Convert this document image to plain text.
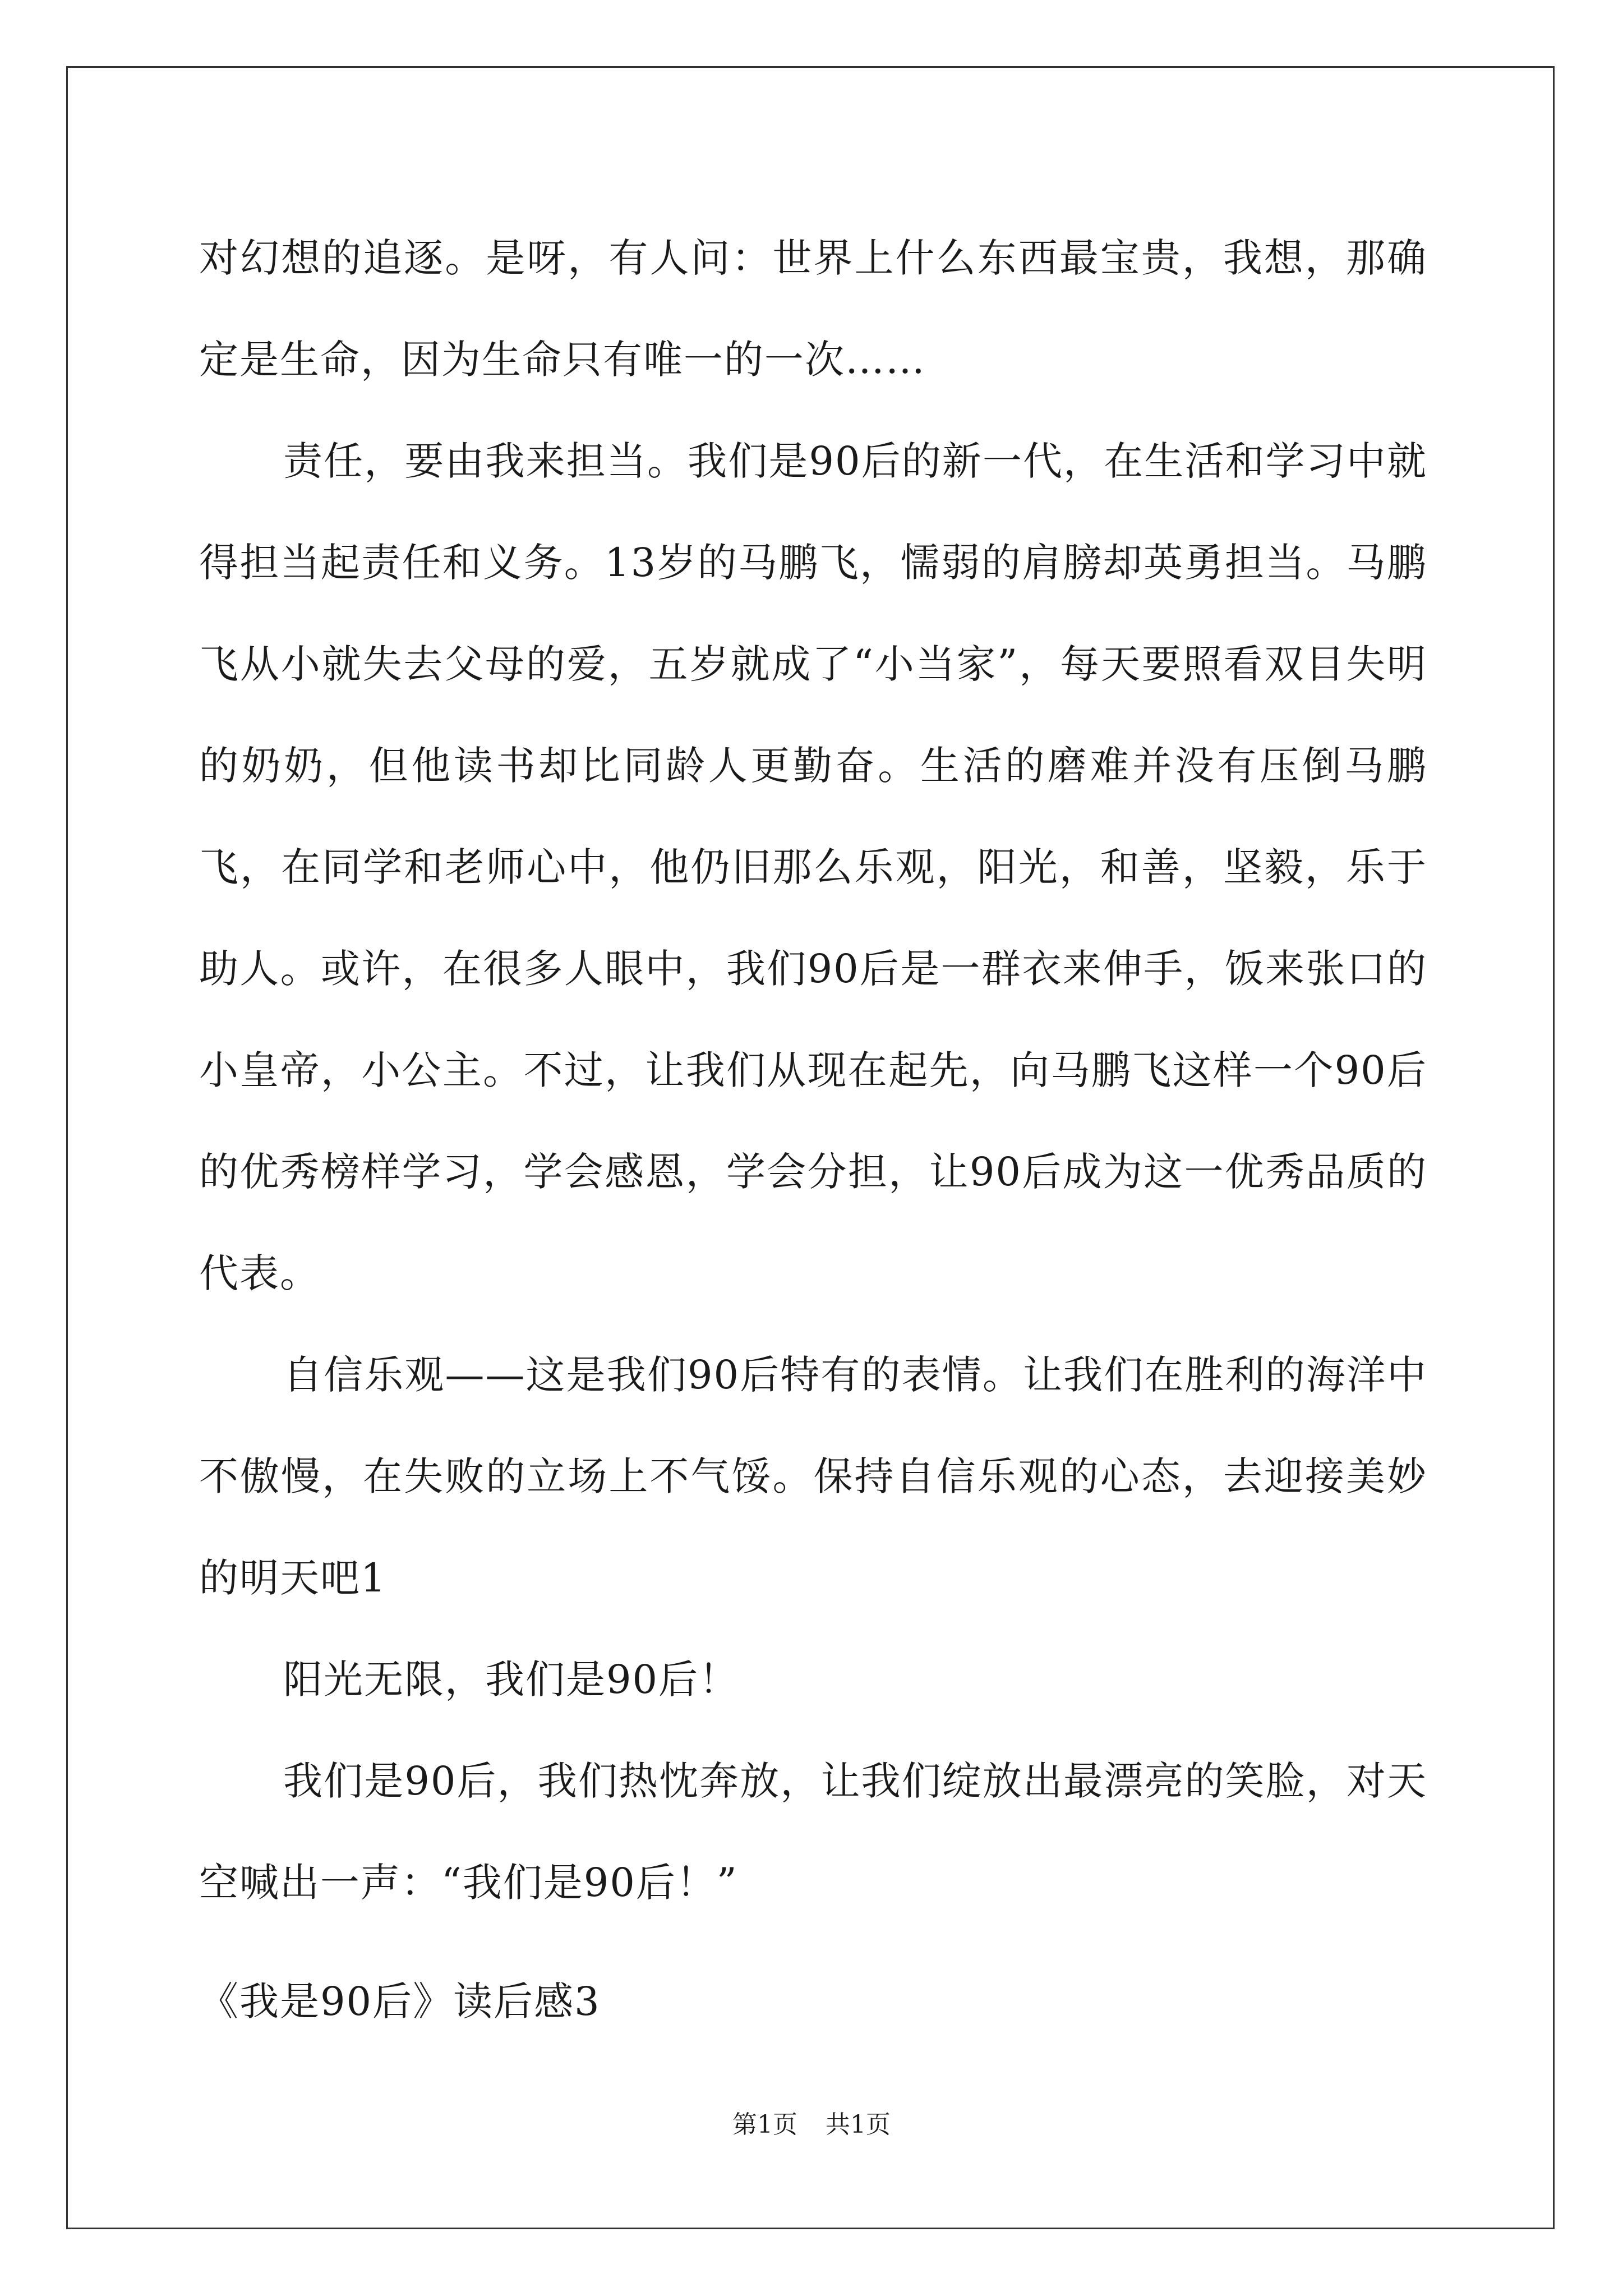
对幻想的追逐。是呀，有人问：世界上什么东西最宝贵，我想，那确定是生命，因为生命只有唯一的一次……

责任，要由我来担当。我们是90后的新一代，在生活和学习中就得担当起责任和义务。13岁的马鹏飞，懦弱的肩膀却英勇担当。马鹏飞从小就失去父母的爱，五岁就成了“小当家”，每天要照看双目失明的奶奶，但他读书却比同龄人更勤奋。生活的磨难并没有压倒马鹏飞，在同学和老师心中，他仍旧那么乐观，阳光，和善，坚毅，乐于助人。或许，在很多人眼中，我们90后是一群衣来伸手，饭来张口的小皇帝，小公主。不过，让我们从现在起先，向马鹏飞这样一个90后的优秀榜样学习，学会感恩，学会分担，让90后成为这一优秀品质的代表。

自信乐观——这是我们90后特有的表情。让我们在胜利的海洋中不傲慢，在失败的立场上不气馁。保持自信乐观的心态，去迎接美妙的明天吧1

阳光无限，我们是90后！

我们是90后，我们热忱奔放，让我们绽放出最漂亮的笑脸，对天空喊出一声：“我们是90后！”

《我是90后》读后感3
第1页 共1页
